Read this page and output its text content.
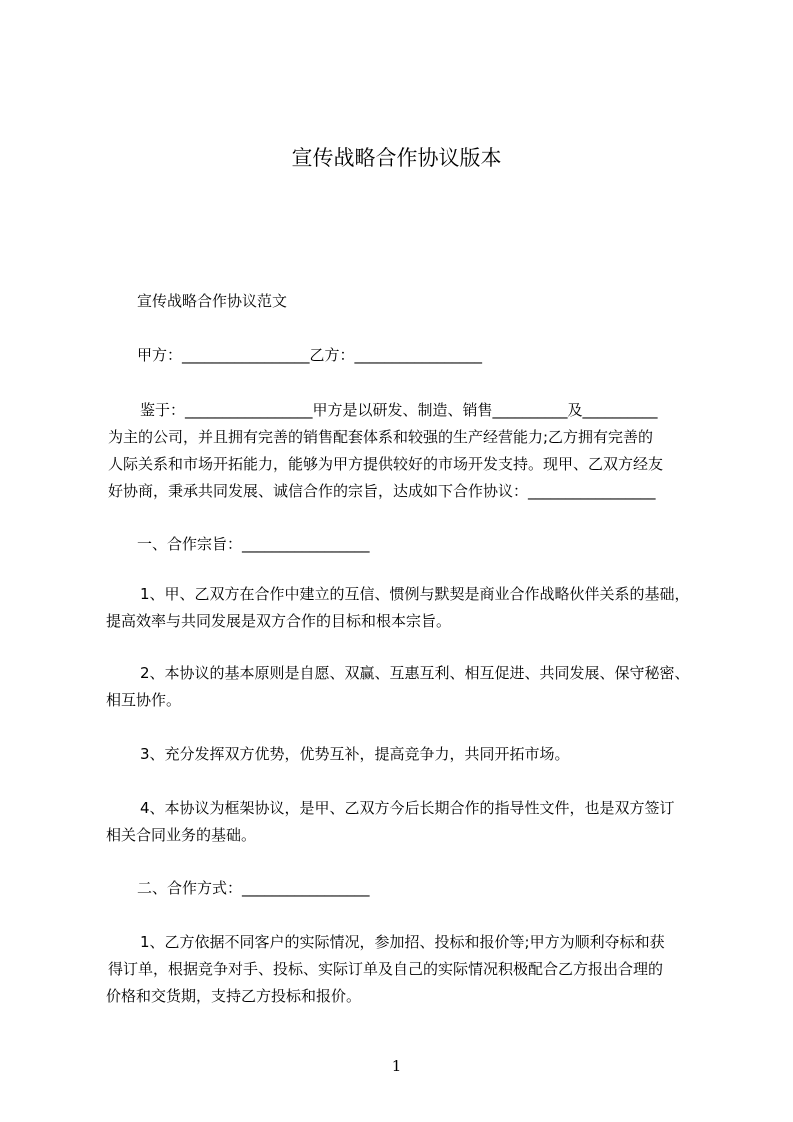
宣传战略合作协议版本
宣传战略合作协议范文
甲方：_________________乙方：_________________
鉴于：_________________甲方是以研发、制造、销售__________及__________
为主的公司，并且拥有完善的销售配套体系和较强的生产经营能力;乙方拥有完善的
人际关系和市场开拓能力，能够为甲方提供较好的市场开发支持。现甲、乙双方经友
好协商，秉承共同发展、诚信合作的宗旨，达成如下合作协议：_________________
一、合作宗旨：_________________
1、甲、乙双方在合作中建立的互信、惯例与默契是商业合作战略伙伴关系的基础，
提高效率与共同发展是双方合作的目标和根本宗旨。
2、本协议的基本原则是自愿、双赢、互惠互利、相互促进、共同发展、保守秘密、
相互协作。
3、充分发挥双方优势，优势互补，提高竞争力，共同开拓市场。
4、本协议为框架协议，是甲、乙双方今后长期合作的指导性文件，也是双方签订
相关合同业务的基础。
二、合作方式：_________________
1、乙方依据不同客户的实际情况，参加招、投标和报价等;甲方为顺利夺标和获
得订单，根据竞争对手、投标、实际订单及自己的实际情况积极配合乙方报出合理的
价格和交货期，支持乙方投标和报价。
1
